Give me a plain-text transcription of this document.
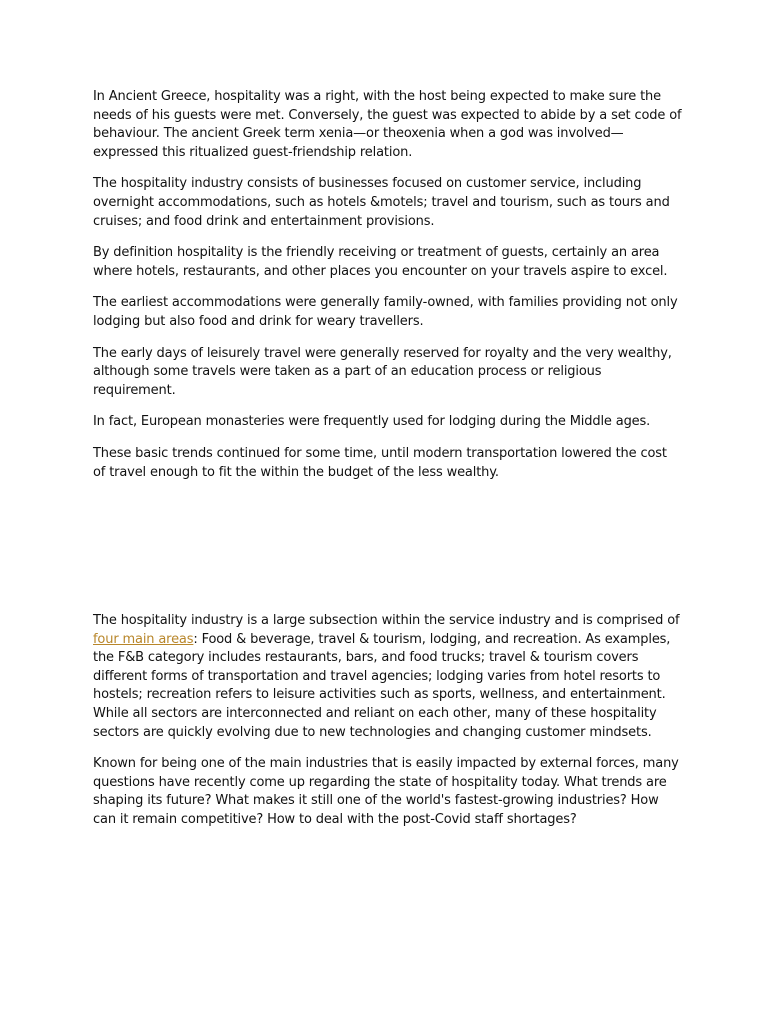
In Ancient Greece, hospitality was a right, with the host being expected to make sure the needs of his guests were met. Conversely, the guest was expected to abide by a set code of behaviour. The ancient Greek term xenia—or theoxenia when a god was involved—expressed this ritualized guest-friendship relation.

The hospitality industry consists of businesses focused on customer service, including overnight accommodations, such as hotels &motels; travel and tourism, such as tours and cruises; and food drink and entertainment provisions.

By definition hospitality is the friendly receiving or treatment of guests, certainly an area where hotels, restaurants, and other places you encounter on your travels aspire to excel.

The earliest accommodations were generally family-owned, with families providing not only lodging but also food and drink for weary travellers.

The early days of leisurely travel were generally reserved for royalty and the very wealthy, although some travels were taken as a part of an education process or religious requirement.

In fact, European monasteries were frequently used for lodging during the Middle ages.

These basic trends continued for some time, until modern transportation lowered the cost of travel enough to fit the within the budget of the less wealthy.

The hospitality industry is a large subsection within the service industry and is comprised of four main areas: Food & beverage, travel & tourism, lodging, and recreation. As examples, the F&B category includes restaurants, bars, and food trucks; travel & tourism covers different forms of transportation and travel agencies; lodging varies from hotel resorts to hostels; recreation refers to leisure activities such as sports, wellness, and entertainment. While all sectors are interconnected and reliant on each other, many of these hospitality sectors are quickly evolving due to new technologies and changing customer mindsets.

Known for being one of the main industries that is easily impacted by external forces, many questions have recently come up regarding the state of hospitality today. What trends are shaping its future? What makes it still one of the world's fastest-growing industries? How can it remain competitive? How to deal with the post-Covid staff shortages?
